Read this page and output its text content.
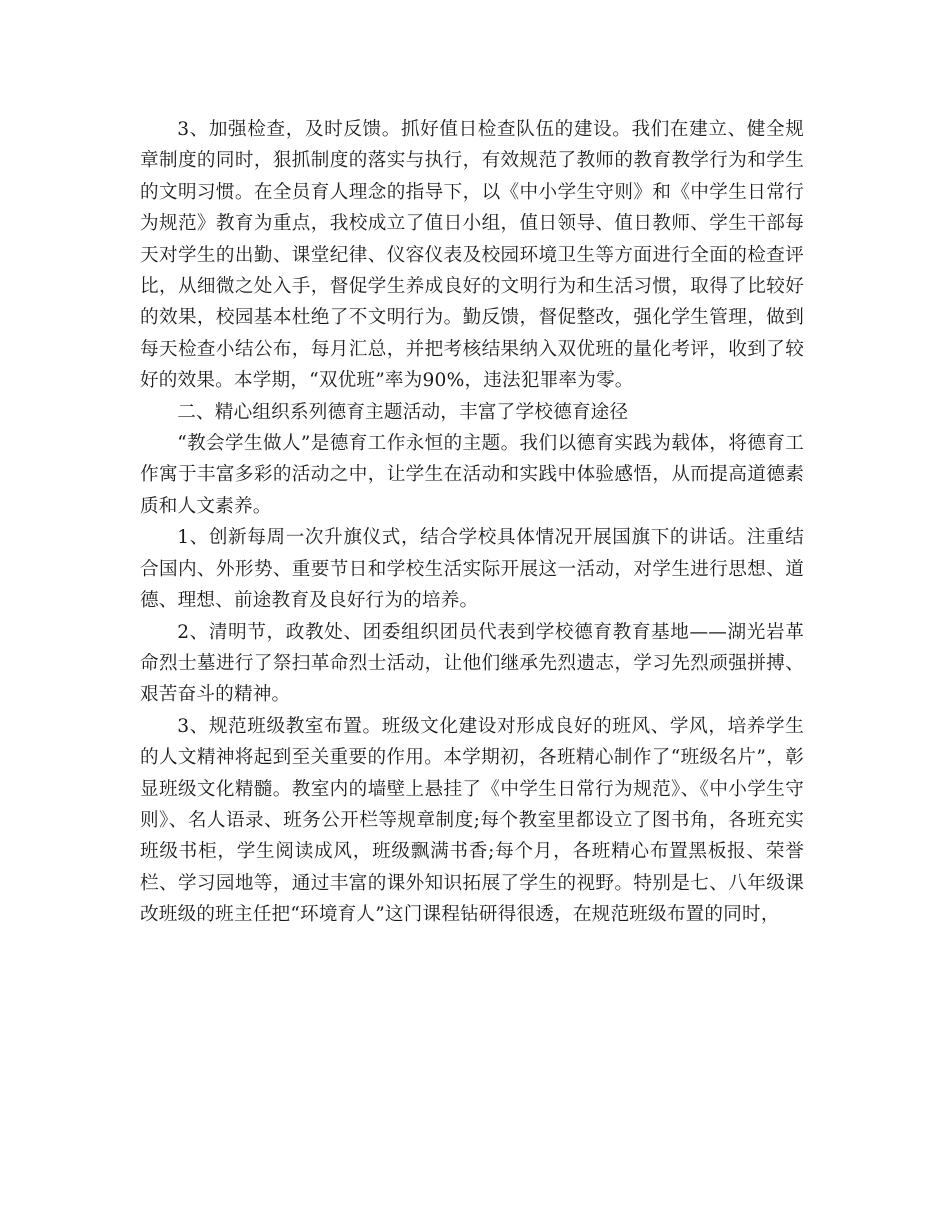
3、加强检查，及时反馈。抓好值日检查队伍的建设。我们在建立、健全规章制度的同时，狠抓制度的落实与执行，有效规范了教师的教育教学行为和学生的文明习惯。在全员育人理念的指导下，以《中小学生守则》和《中学生日常行为规范》教育为重点，我校成立了值日小组，值日领导、值日教师、学生干部每天对学生的出勤、课堂纪律、仪容仪表及校园环境卫生等方面进行全面的检查评比，从细微之处入手，督促学生养成良好的文明行为和生活习惯，取得了比较好的效果，校园基本杜绝了不文明行为。勤反馈，督促整改，强化学生管理，做到每天检查小结公布，每月汇总，并把考核结果纳入双优班的量化考评，收到了较好的效果。本学期，“双优班”率为90%，违法犯罪率为零。

二、精心组织系列德育主题活动，丰富了学校德育途径

“教会学生做人”是德育工作永恒的主题。我们以德育实践为载体，将德育工作寓于丰富多彩的活动之中，让学生在活动和实践中体验感悟，从而提高道德素质和人文素养。

1、创新每周一次升旗仪式，结合学校具体情况开展国旗下的讲话。注重结合国内、外形势、重要节日和学校生活实际开展这一活动，对学生进行思想、道德、理想、前途教育及良好行为的培养。

2、清明节，政教处、团委组织团员代表到学校德育教育基地——湖光岩革命烈士墓进行了祭扫革命烈士活动，让他们继承先烈遗志，学习先烈顽强拼搏、艰苦奋斗的精神。

3、规范班级教室布置。班级文化建设对形成良好的班风、学风，培养学生的人文精神将起到至关重要的作用。本学期初，各班精心制作了“班级名片”，彰显班级文化精髓。教室内的墙壁上悬挂了《中学生日常行为规范》、《中小学生守则》、名人语录、班务公开栏等规章制度;每个教室里都设立了图书角，各班充实班级书柜，学生阅读成风，班级飘满书香;每个月，各班精心布置黑板报、荣誉栏、学习园地等，通过丰富的课外知识拓展了学生的视野。特别是七、八年级课改班级的班主任把“环境育人”这门课程钻研得很透，在规范班级布置的同时，
